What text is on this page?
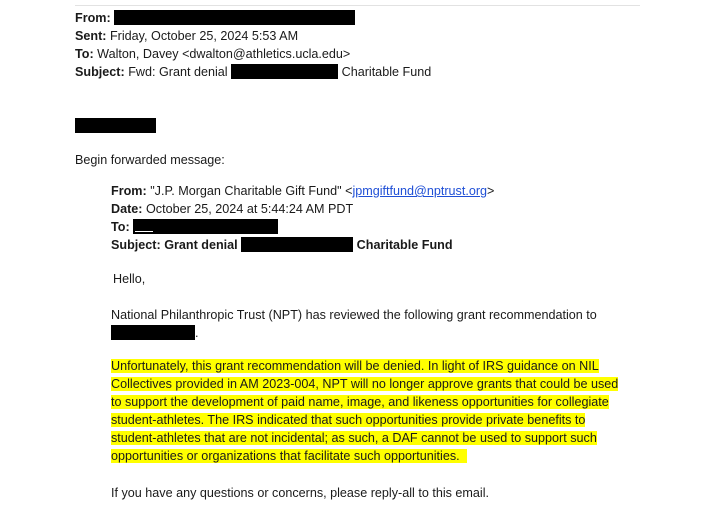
From:
Sent: Friday, October 25, 2024 5:53 AM
To: Walton, Davey <dwalton@athletics.ucla.edu>
Subject: Fwd: Grant denial	Charitable Fund
Begin forwarded message:
From: "J.P. Morgan Charitable Gift Fund" <jpmgiftfund@nptrust.org>
Date: October 25, 2024 at 5:44:24 AM PDT
To:
Subject: Grant denial	Charitable Fund
Hello,
National Philanthropic Trust (NPT) has reviewed the following grant recommendation to
.
Unfortunately, this grant recommendation will be denied. In light of IRS guidance on NIL
Collectives provided in AM 2023-004, NPT will no longer approve grants that could be used
to support the development of paid name, image, and likeness opportunities for collegiate
student-athletes. The IRS indicated that such opportunities provide private benefits to
student-athletes that are not incidental; as such, a DAF cannot be used to support such
opportunities or organizations that facilitate such opportunities.
If you have any questions or concerns, please reply-all to this email.
